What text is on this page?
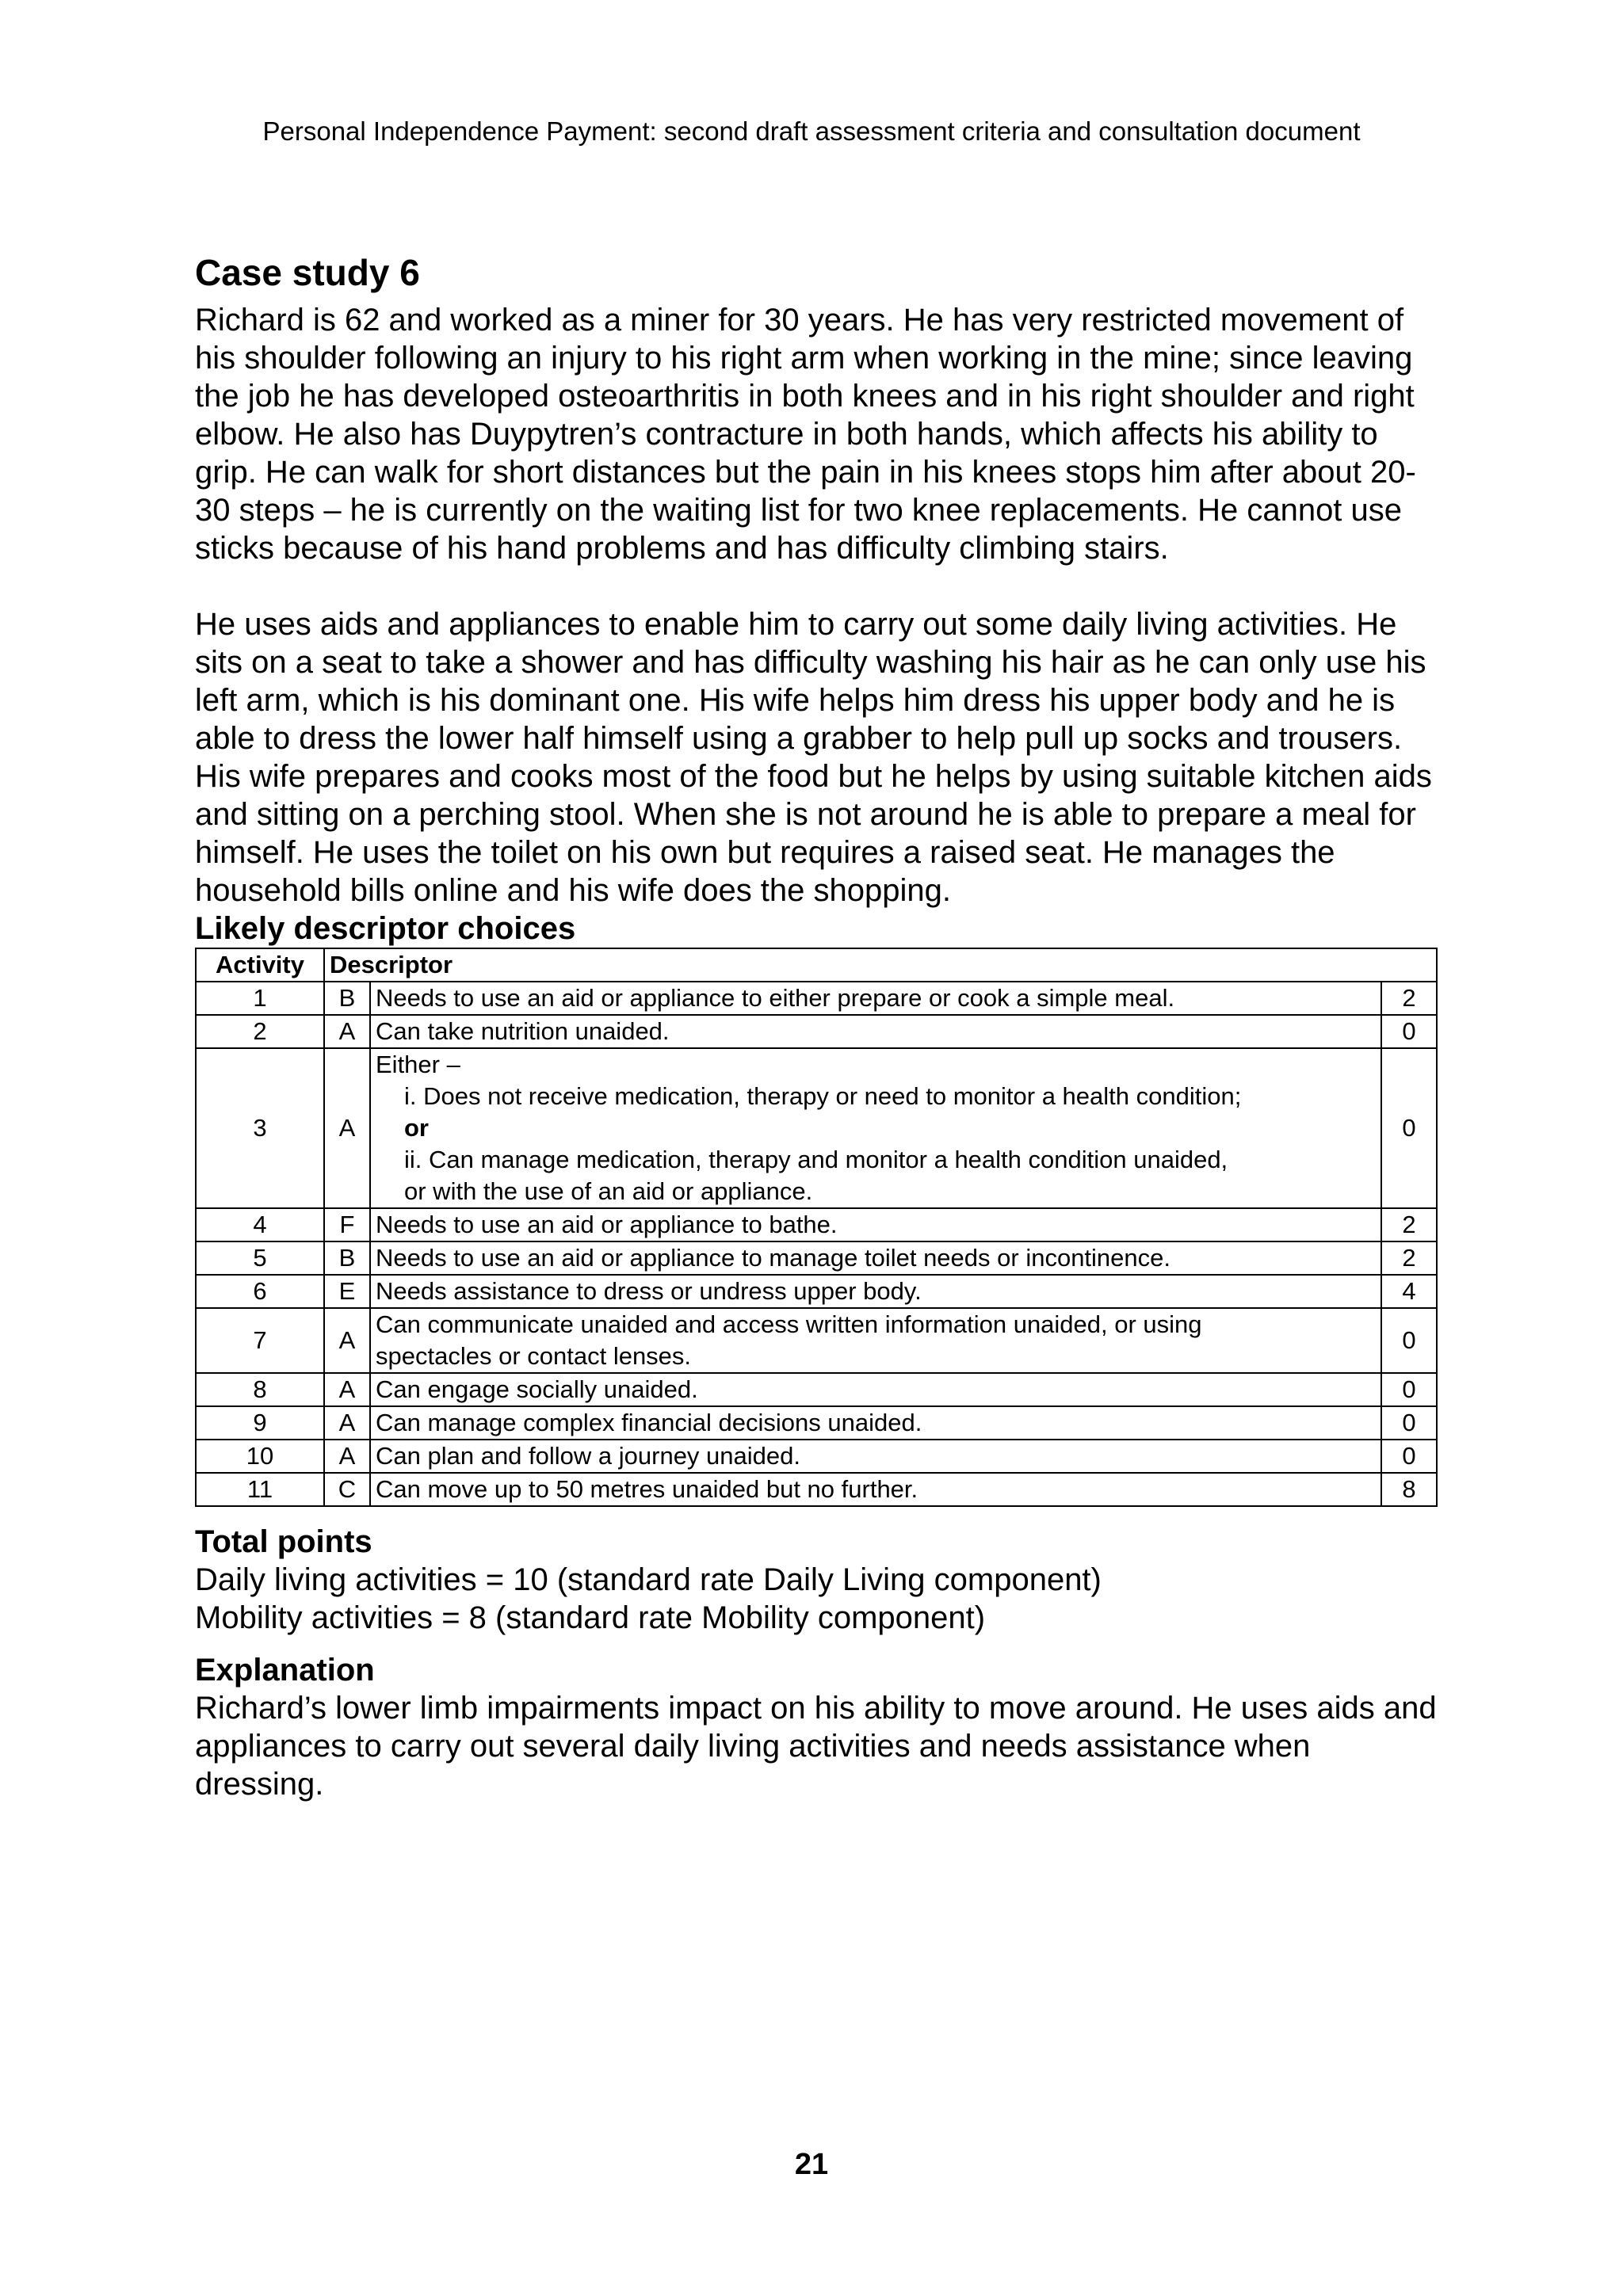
Personal Independence Payment: second draft assessment criteria and consultation document
Case study 6

Richard is 62 and worked as a miner for 30 years. He has very restricted movement of his shoulder following an injury to his right arm when working in the mine; since leaving the job he has developed osteoarthritis in both knees and in his right shoulder and right elbow. He also has Duypytren’s contracture in both hands, which affects his ability to grip. He can walk for short distances but the pain in his knees stops him after about 20-30 steps – he is currently on the waiting list for two knee replacements. He cannot use sticks because of his hand problems and has difficulty climbing stairs.

He uses aids and appliances to enable him to carry out some daily living activities. He sits on a seat to take a shower and has difficulty washing his hair as he can only use his left arm, which is his dominant one. His wife helps him dress his upper body and he is able to dress the lower half himself using a grabber to help pull up socks and trousers. His wife prepares and cooks most of the food but he helps by using suitable kitchen aids and sitting on a perching stool. When she is not around he is able to prepare a meal for himself. He uses the toilet on his own but requires a raised seat. He manages the household bills online and his wife does the shopping.

Likely descriptor choices
Activity	Descriptor		
1	B	Needs to use an aid or appliance to either prepare or cook a simple meal.	2
2	A	Can take nutrition unaided.	0
3	A	Either –
i. Does not receive medication, therapy or need to monitor a health condition;
or
ii. Can manage medication, therapy and monitor a health condition unaided,
or with the use of an aid or appliance.	0
4	F	Needs to use an aid or appliance to bathe.	2
5	B	Needs to use an aid or appliance to manage toilet needs or incontinence.	2
6	E	Needs assistance to dress or undress upper body.	4
7	A	Can communicate unaided and access written information unaided, or using
spectacles or contact lenses.	0
8	A	Can engage socially unaided.	0
9	A	Can manage complex financial decisions unaided.	0
10	A	Can plan and follow a journey unaided.	0
11	C	Can move up to 50 metres unaided but no further.	8
Total points

Daily living activities = 10 (standard rate Daily Living component)

Mobility activities = 8 (standard rate Mobility component)

Explanation

Richard’s lower limb impairments impact on his ability to move around. He uses aids and appliances to carry out several daily living activities and needs assistance when dressing.

21
